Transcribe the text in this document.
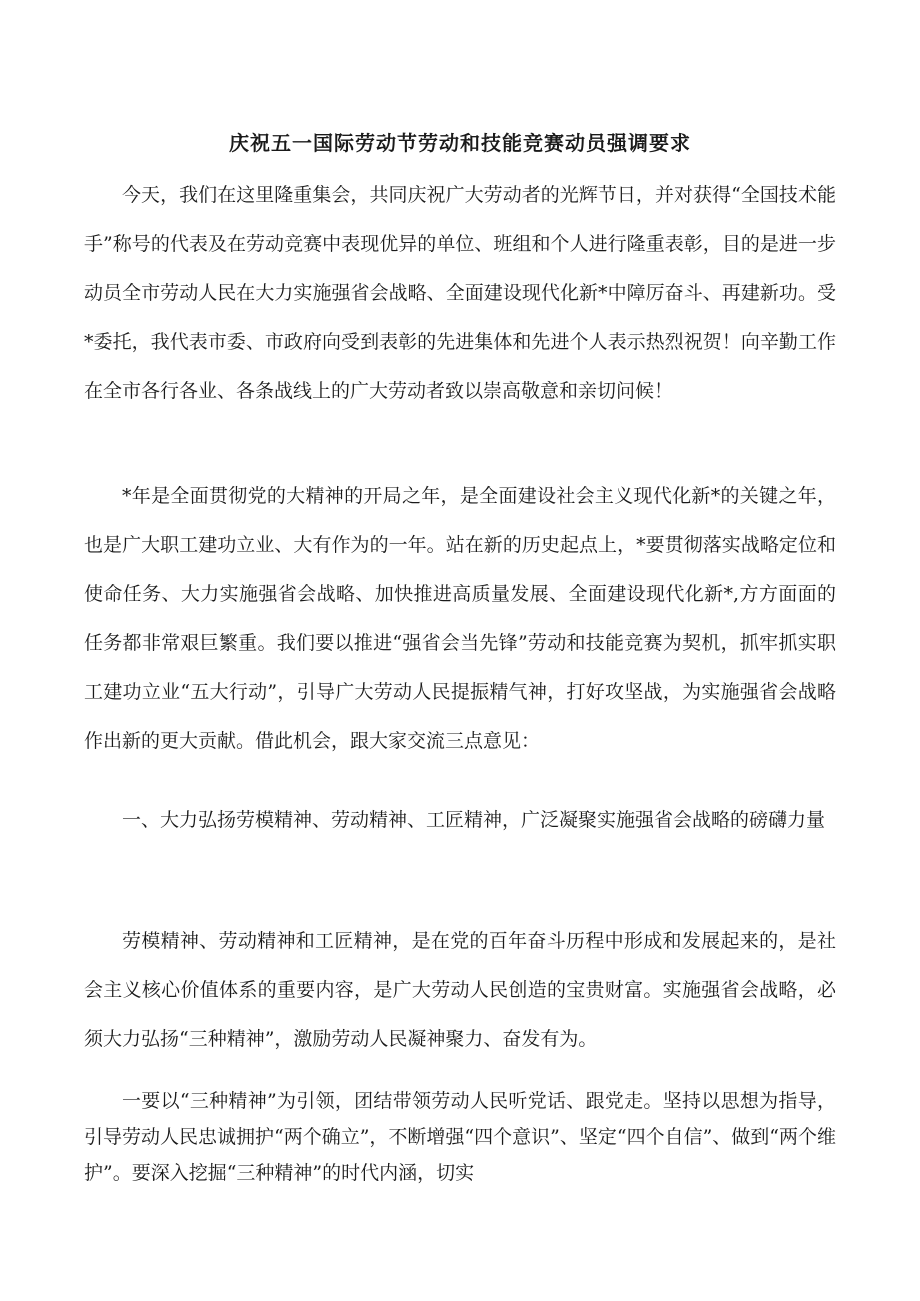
庆祝五一国际劳动节劳动和技能竞赛动员强调要求

今天，我们在这里隆重集会，共同庆祝广大劳动者的光辉节日，并对获得“全国技术能手”称号的代表及在劳动竞赛中表现优异的单位、班组和个人进行隆重表彰，目的是进一步动员全市劳动人民在大力实施强省会战略、全面建设现代化新*中障厉奋斗、再建新功。受*委托，我代表市委、市政府向受到表彰的先进集体和先进个人表示热烈祝贺！向辛勤工作在全市各行各业、各条战线上的广大劳动者致以崇高敬意和亲切问候！

*年是全面贯彻党的大精神的开局之年，是全面建设社会主义现代化新*的关键之年，也是广大职工建功立业、大有作为的一年。站在新的历史起点上，*要贯彻落实战略定位和使命任务、大力实施强省会战略、加快推进高质量发展、全面建设现代化新*,方方面面的任务都非常艰巨繁重。我们要以推进“强省会当先锋”劳动和技能竞赛为契机，抓牢抓实职工建功立业“五大行动”，引导广大劳动人民提振精气神，打好攻坚战，为实施强省会战略作出新的更大贡献。借此机会，跟大家交流三点意见：

一、大力弘扬劳模精神、劳动精神、工匠精神，广泛凝聚实施强省会战略的磅礴力量

劳模精神、劳动精神和工匠精神，是在党的百年奋斗历程中形成和发展起来的，是社会主义核心价值体系的重要内容，是广大劳动人民创造的宝贵财富。实施强省会战略，必须大力弘扬“三种精神”，激励劳动人民凝神聚力、奋发有为。

一要以“三种精神”为引领，团结带领劳动人民听党话、跟党走。坚持以思想为指导，引导劳动人民忠诚拥护“两个确立”，不断增强“四个意识”、坚定“四个自信”、做到“两个维护”。要深入挖掘“三种精神”的时代内涵，切实
